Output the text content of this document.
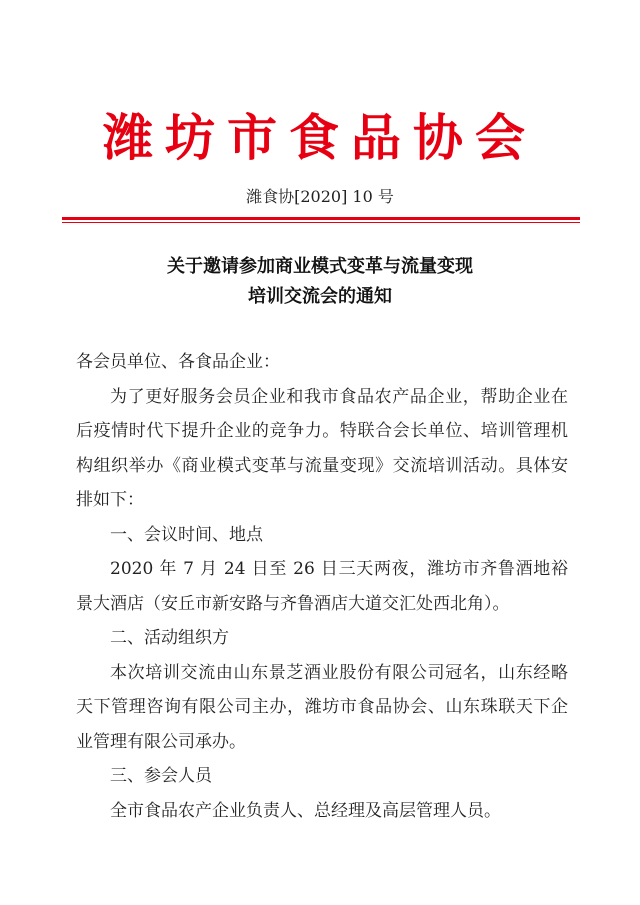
潍坊市食品协会
潍食协[2020] 10 号
关于邀请参加商业模式变革与流量变现
培训交流会的通知

各会员单位、各食品企业：

为了更好服务会员企业和我市食品农产品企业，帮助企业在后疫情时代下提升企业的竞争力。特联合会长单位、培训管理机构组织举办《商业模式变革与流量变现》交流培训活动。具体安排如下：

一、会议时间、地点

2020 年 7 月 24 日至 26 日三天两夜，潍坊市齐鲁酒地裕景大酒店（安丘市新安路与齐鲁酒店大道交汇处西北角）。

二、活动组织方

本次培训交流由山东景芝酒业股份有限公司冠名，山东经略天下管理咨询有限公司主办，潍坊市食品协会、山东珠联天下企业管理有限公司承办。

三、参会人员

全市食品农产企业负责人、总经理及高层管理人员。
